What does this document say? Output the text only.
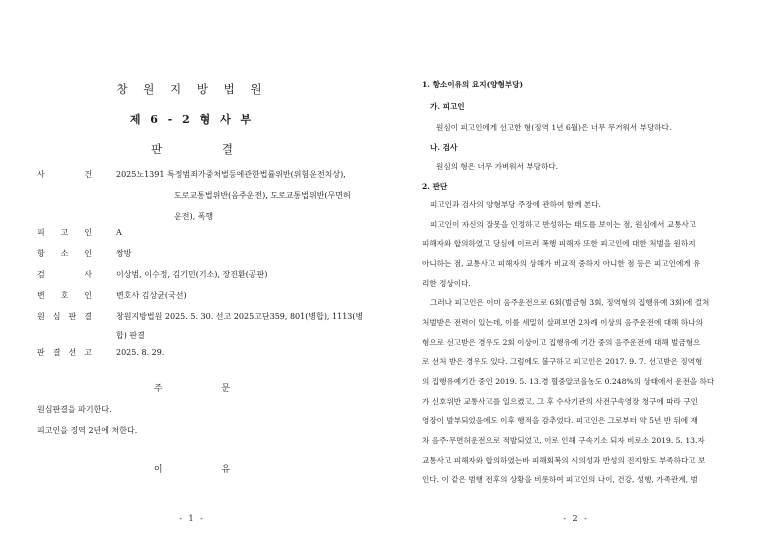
창 원 지 방 법 원
제 6 - 2 형 사 부
판 결
사	건	2025노1391 특정범죄가중처벌등에관한법률위반(위험운전치상),
도로교통법위반(음주운전), 도로교통법위반(무면허
운전), 폭행
피 고 인	A
항 소 인	쌍방
검	사	이상범, 이수정, 김기민(기소), 장진환(공판)
변 호 인	변호사 김상균(국선)
원 심 판 결	창원지방법원 2025. 5. 30. 선고 2025고단359, 801(병합), 1113(병
합) 판결
판 결 선 고	2025. 8. 29.
주 문
원심판결을 파기한다.
피고인을 징역 2년에 처한다.
이 유
- 1 -
1. 항소이유의 요지(양형부당)
가. 피고인
원심이 피고인에게 선고한 형(징역 1년 6월)은 너무 무거워서 부당하다.
나. 검사
원심의 형은 너무 가벼워서 부당하다.
2. 판단
피고인과 검사의 양형부당 주장에 관하여 함께 본다.
피고인이 자신의 잘못을 인정하고 반성하는 태도를 보이는 점, 원심에서 교통사고
피해자와 합의하였고 당심에 이르러 폭행 피해자 또한 피고인에 대한 처벌을 원하지
아니하는 점, 교통사고 피해자의 상해가 비교적 중하지 아니한 점 등은 피고인에게 유
리한 정상이다.
그러나 피고인은 이미 음주운전으로 6회(벌금형 3회, 징역형의 집행유예 3회)에 걸쳐
처벌받은 전력이 있는데, 이를 세밀히 살펴보면 2차례 이상의 음주운전에 대해 하나의
형으로 선고받은 경우도 2회 이상이고 집행유예 기간 중의 음주운전에 대해 벌금형으
로 선처 받은 경우도 있다. 그럼에도 불구하고 피고인은 2017. 9. 7. 선고받은 징역형
의 집행유예기간 중인 2019. 5. 13.경 혈중알코올농도 0.248%의 상태에서 운전을 하다
가 신호위반 교통사고를 일으켰고, 그 후 수사기관의 사전구속영장 청구에 따라 구인
영장이 발부되었음에도 이후 행적을 감추었다. 피고인은 그로부터 약 5년 반 뒤에 재
차 음주·무면허운전으로 적발되었고, 이로 인해 구속기소 되자 비로소 2019. 5. 13.자
교통사고 피해자와 합의하였는바 피해회복의 시의성과 반성의 진지함도 부족하다고 보
인다. 이 같은 범행 전후의 상황을 비롯하여 피고인의 나이, 건강, 성행, 가족관계, 범
- 2 -
